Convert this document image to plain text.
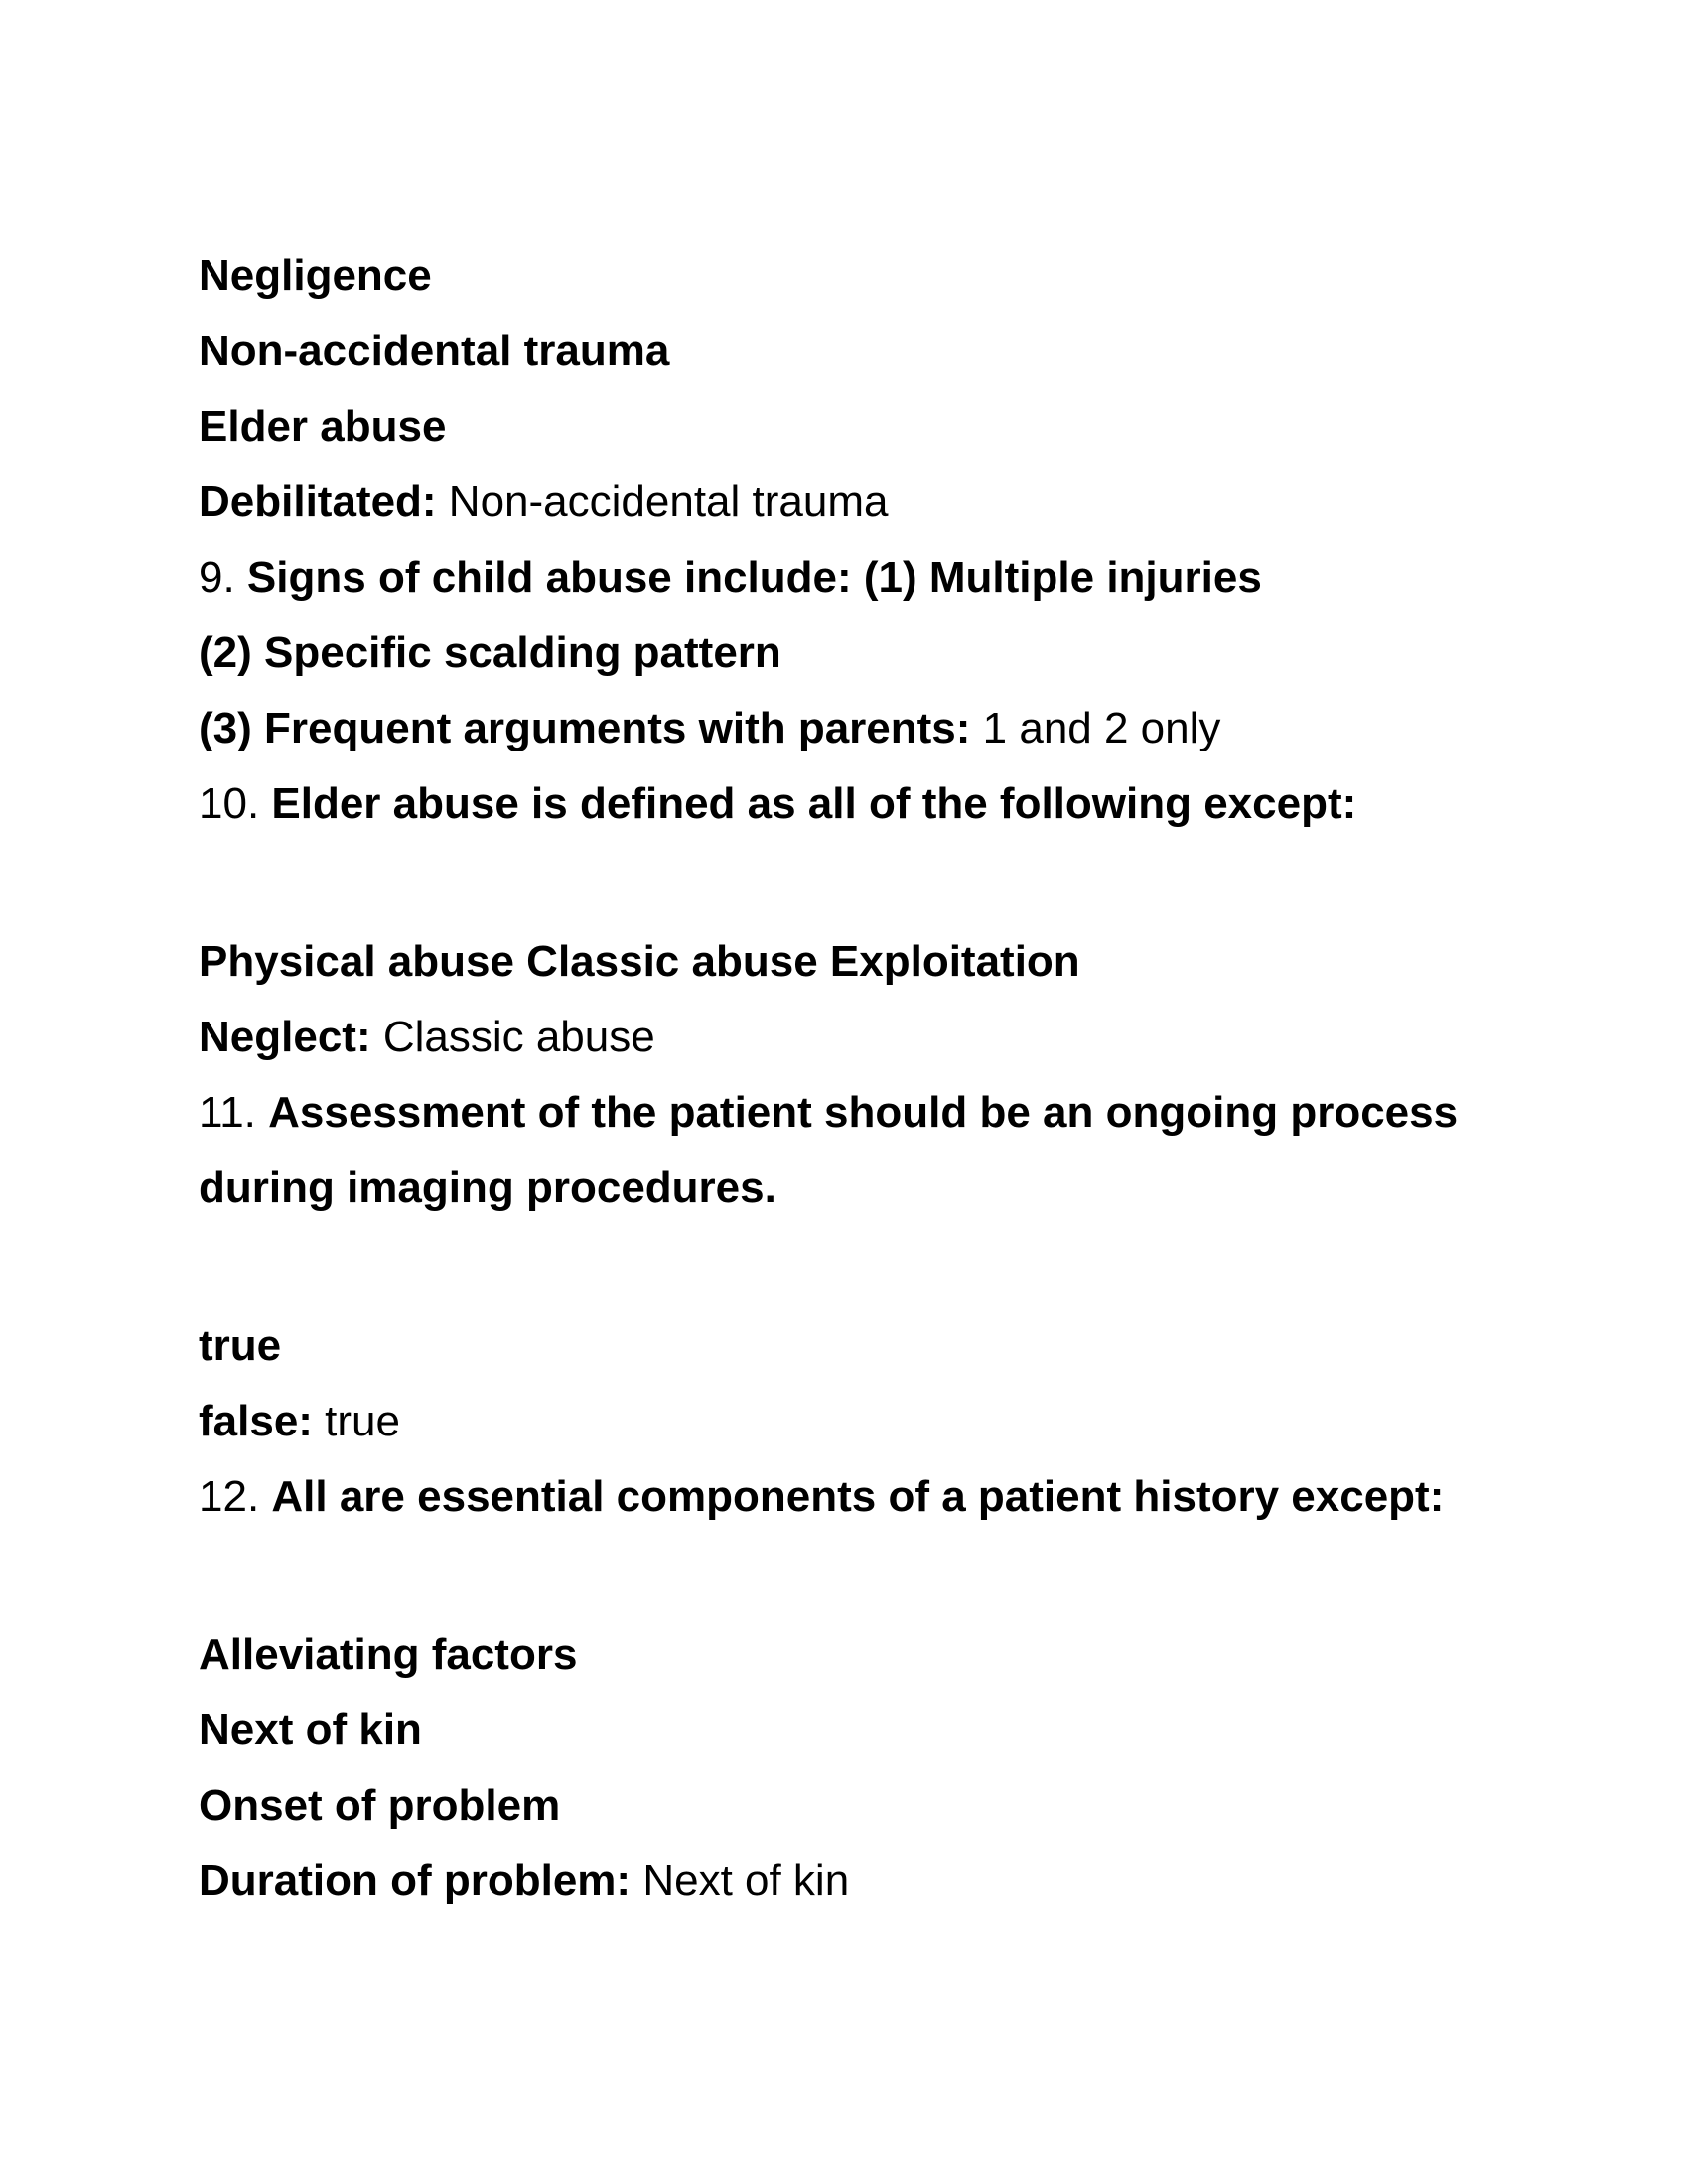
Negligence
Non-accidental trauma
Elder abuse
Debilitated: Non-accidental trauma
9. Signs of child abuse include: (1) Multiple injuries
(2) Specific scalding pattern
(3) Frequent arguments with parents: 1 and 2 only
10. Elder abuse is defined as all of the following except:
Physical abuse Classic abuse Exploitation
Neglect: Classic abuse
11. Assessment of the patient should be an ongoing process
during imaging procedures.
true
false: true
12. All are essential components of a patient history except:
Alleviating factors
Next of kin
Onset of problem
Duration of problem: Next of kin
